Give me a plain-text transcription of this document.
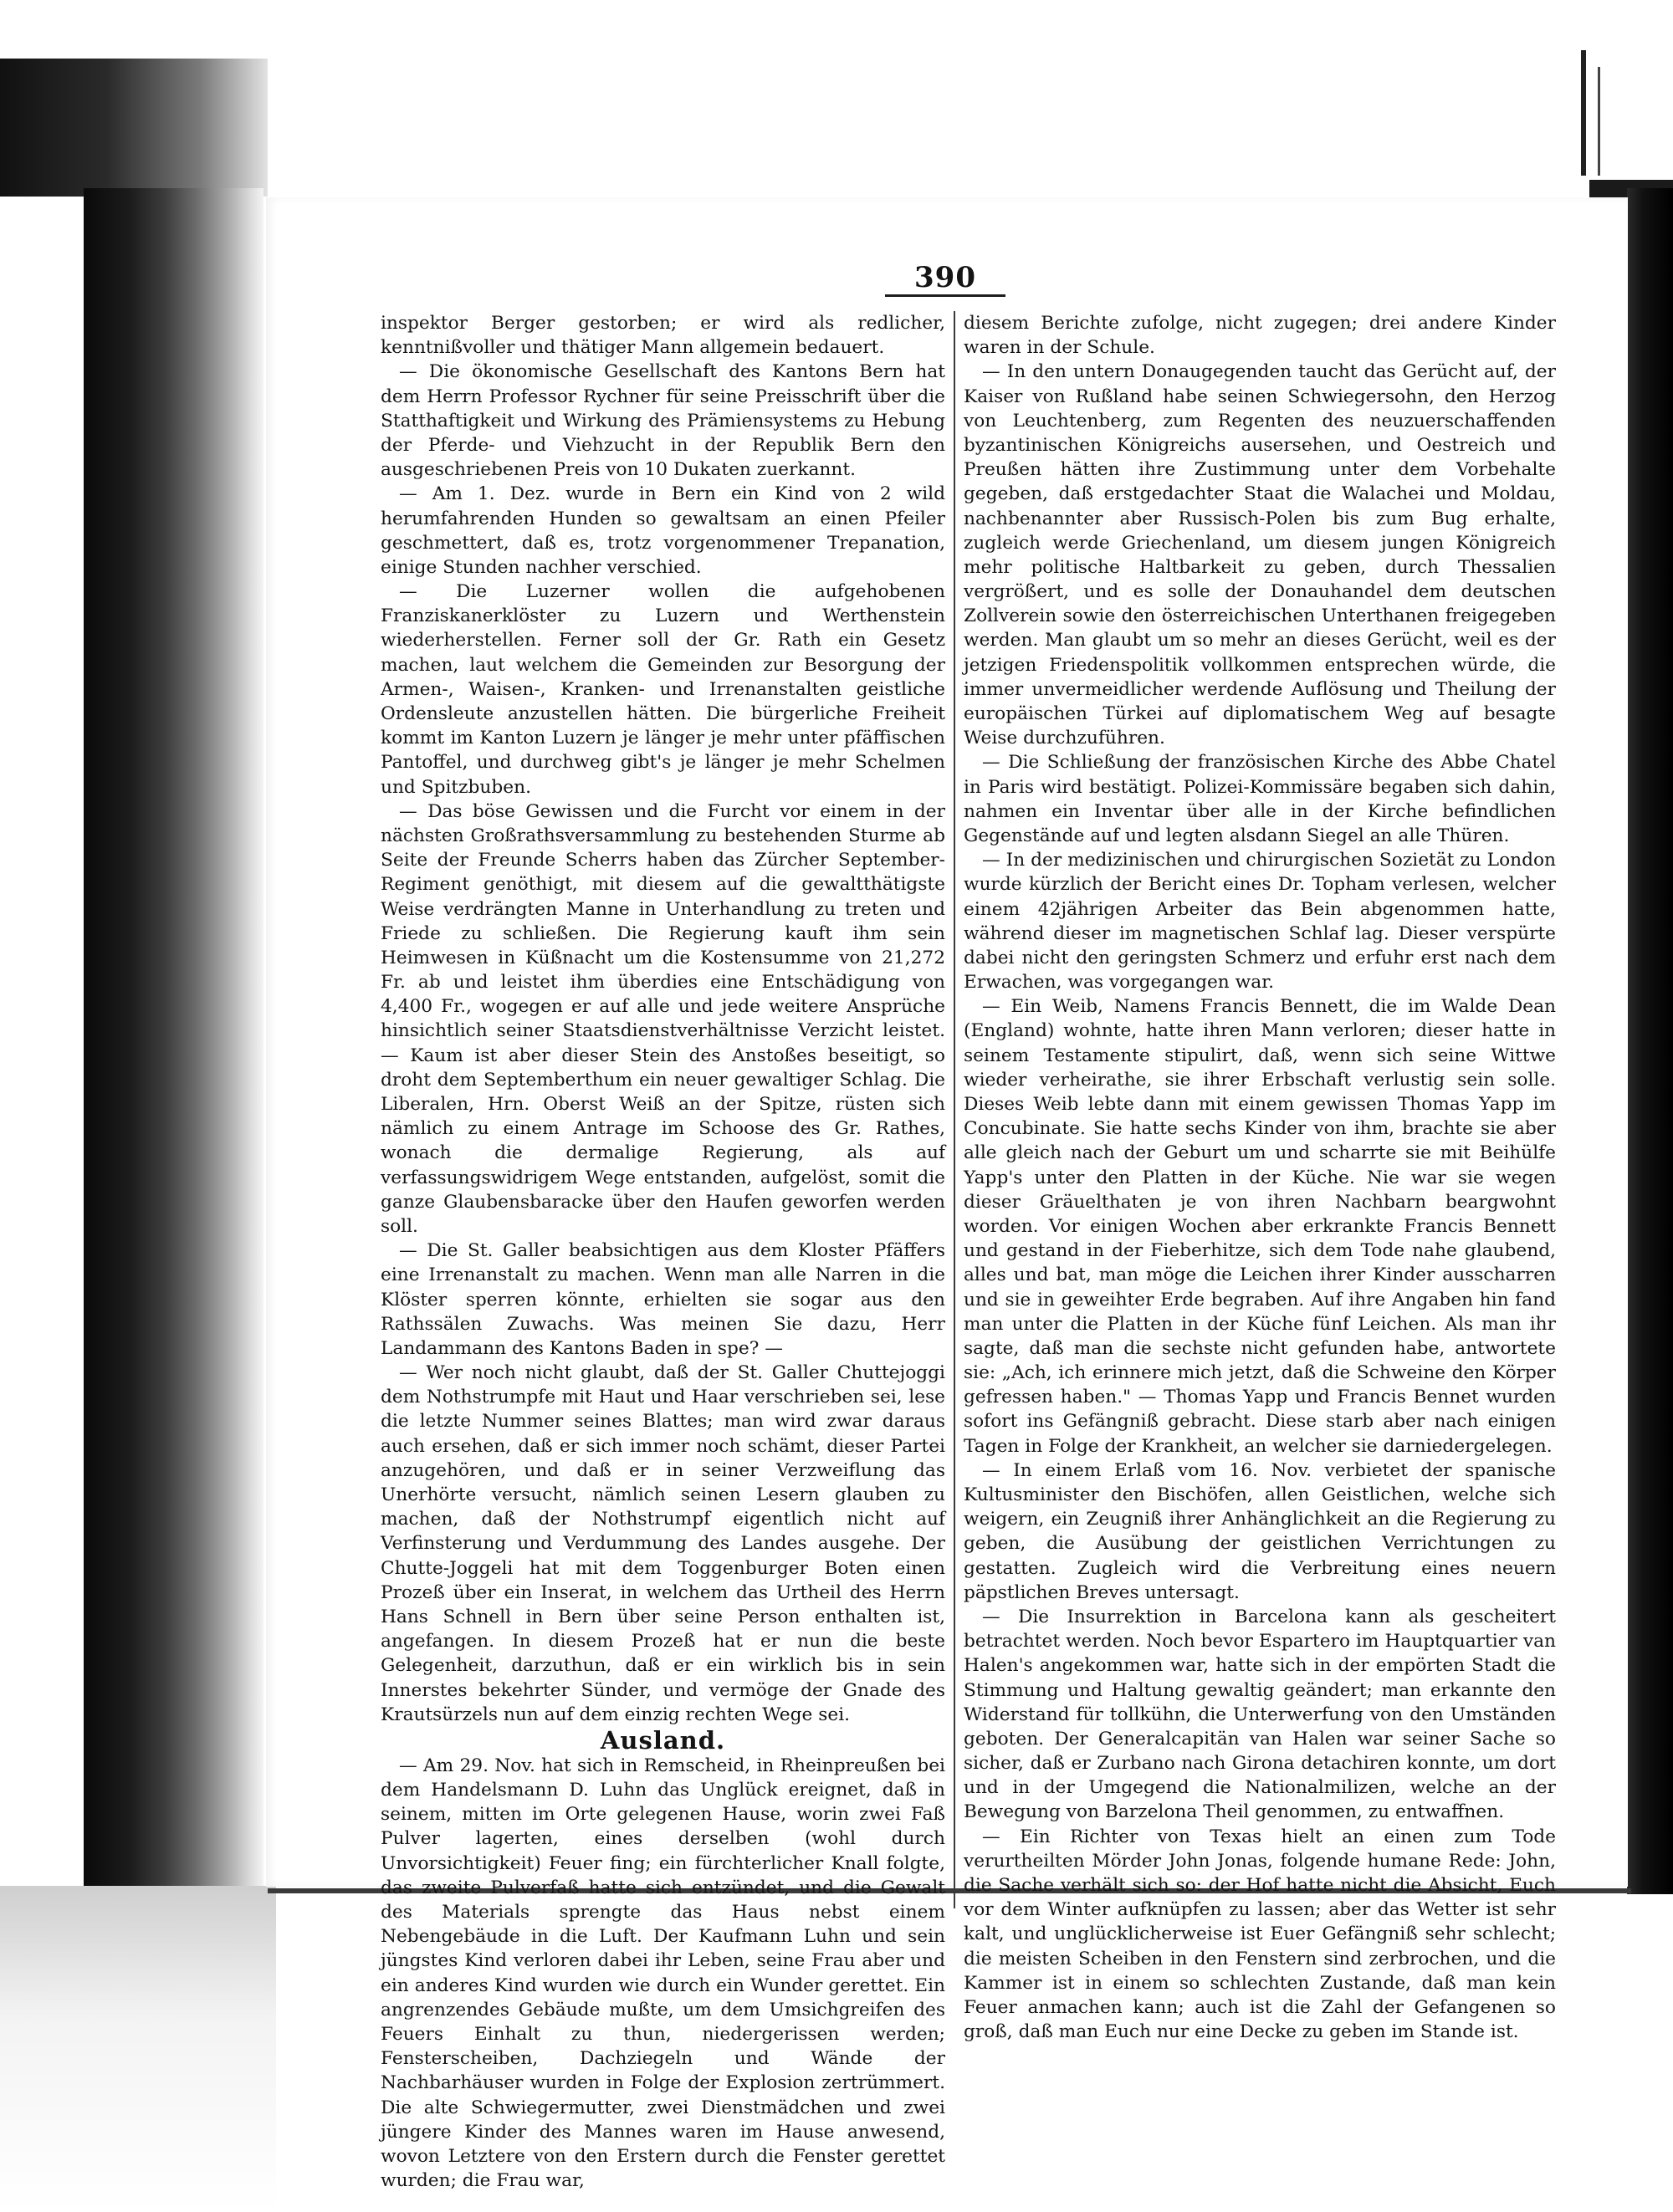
390

inspektor Berger gestorben; er wird als redlicher, kenntnißvoller und thätiger Mann allgemein bedauert.

— Die ökonomische Gesellschaft des Kantons Bern hat dem Herrn Professor Rychner für seine Preisschrift über die Statthaftigkeit und Wirkung des Prämiensystems zu Hebung der Pferde- und Viehzucht in der Republik Bern den ausgeschriebenen Preis von 10 Dukaten zuerkannt.

— Am 1. Dez. wurde in Bern ein Kind von 2 wild herumfahrenden Hunden so gewaltsam an einen Pfeiler geschmettert, daß es, trotz vorgenommener Trepanation, einige Stunden nachher verschied.

— Die Luzerner wollen die aufgehobenen Franziskanerklöster zu Luzern und Werthenstein wiederherstellen. Ferner soll der Gr. Rath ein Gesetz machen, laut welchem die Gemeinden zur Besorgung der Armen-, Waisen-, Kranken- und Irrenanstalten geistliche Ordensleute anzustellen hätten. Die bürgerliche Freiheit kommt im Kanton Luzern je länger je mehr unter pfäffischen Pantoffel, und durchweg gibt's je länger je mehr Schelmen und Spitzbuben.

— Das böse Gewissen und die Furcht vor einem in der nächsten Großrathsversammlung zu bestehenden Sturme ab Seite der Freunde Scherrs haben das Zürcher September-Regiment genöthigt, mit diesem auf die gewaltthätigste Weise verdrängten Manne in Unterhandlung zu treten und Friede zu schließen. Die Regierung kauft ihm sein Heimwesen in Küßnacht um die Kostensumme von 21,272 Fr. ab und leistet ihm überdies eine Entschädigung von 4,400 Fr., wogegen er auf alle und jede weitere Ansprüche hinsichtlich seiner Staatsdienstverhältnisse Verzicht leistet. — Kaum ist aber dieser Stein des Anstoßes beseitigt, so droht dem Septemberthum ein neuer gewaltiger Schlag. Die Liberalen, Hrn. Oberst Weiß an der Spitze, rüsten sich nämlich zu einem Antrage im Schoose des Gr. Rathes, wonach die dermalige Regierung, als auf verfassungswidrigem Wege entstanden, aufgelöst, somit die ganze Glaubensbaracke über den Haufen geworfen werden soll.

— Die St. Galler beabsichtigen aus dem Kloster Pfäffers eine Irrenanstalt zu machen. Wenn man alle Narren in die Klöster sperren könnte, erhielten sie sogar aus den Rathssälen Zuwachs. Was meinen Sie dazu, Herr Landammann des Kantons Baden in spe? —

— Wer noch nicht glaubt, daß der St. Galler Chuttejoggi dem Nothstrumpfe mit Haut und Haar verschrieben sei, lese die letzte Nummer seines Blattes; man wird zwar daraus auch ersehen, daß er sich immer noch schämt, dieser Partei anzugehören, und daß er in seiner Verzweiflung das Unerhörte versucht, nämlich seinen Lesern glauben zu machen, daß der Nothstrumpf eigentlich nicht auf Verfinsterung und Verdummung des Landes ausgehe. Der Chutte-Joggeli hat mit dem Toggenburger Boten einen Prozeß über ein Inserat, in welchem das Urtheil des Herrn Hans Schnell in Bern über seine Person enthalten ist, angefangen. In diesem Prozeß hat er nun die beste Gelegenheit, darzuthun, daß er ein wirklich bis in sein Innerstes bekehrter Sünder, und vermöge der Gnade des Krautsürzels nun auf dem einzig rechten Wege sei.

Ausland.

— Am 29. Nov. hat sich in Remscheid, in Rheinpreußen bei dem Handelsmann D. Luhn das Unglück ereignet, daß in seinem, mitten im Orte gelegenen Hause, worin zwei Faß Pulver lagerten, eines derselben (wohl durch Unvorsichtigkeit) Feuer fing; ein fürchterlicher Knall folgte, das zweite Pulverfaß hatte sich entzündet, und die Gewalt des Materials sprengte das Haus nebst einem Nebengebäude in die Luft. Der Kaufmann Luhn und sein jüngstes Kind verloren dabei ihr Leben, seine Frau aber und ein anderes Kind wurden wie durch ein Wunder gerettet. Ein angrenzendes Gebäude mußte, um dem Umsichgreifen des Feuers Einhalt zu thun, niedergerissen werden; Fensterscheiben, Dachziegeln und Wände der Nachbarhäuser wurden in Folge der Explosion zertrümmert. Die alte Schwiegermutter, zwei Dienstmädchen und zwei jüngere Kinder des Mannes waren im Hause anwesend, wovon Letztere von den Erstern durch die Fenster gerettet wurden; die Frau war,

diesem Berichte zufolge, nicht zugegen; drei andere Kinder waren in der Schule.

— In den untern Donaugegenden taucht das Gerücht auf, der Kaiser von Rußland habe seinen Schwiegersohn, den Herzog von Leuchtenberg, zum Regenten des neuzuerschaffenden byzantinischen Königreichs ausersehen, und Oestreich und Preußen hätten ihre Zustimmung unter dem Vorbehalte gegeben, daß erstgedachter Staat die Walachei und Moldau, nachbenannter aber Russisch-Polen bis zum Bug erhalte, zugleich werde Griechenland, um diesem jungen Königreich mehr politische Haltbarkeit zu geben, durch Thessalien vergrößert, und es solle der Donauhandel dem deutschen Zollverein sowie den österreichischen Unterthanen freigegeben werden. Man glaubt um so mehr an dieses Gerücht, weil es der jetzigen Friedenspolitik vollkommen entsprechen würde, die immer unvermeidlicher werdende Auflösung und Theilung der europäischen Türkei auf diplomatischem Weg auf besagte Weise durchzuführen.

— Die Schließung der französischen Kirche des Abbe Chatel in Paris wird bestätigt. Polizei-Kommissäre begaben sich dahin, nahmen ein Inventar über alle in der Kirche befindlichen Gegenstände auf und legten alsdann Siegel an alle Thüren.

— In der medizinischen und chirurgischen Sozietät zu London wurde kürzlich der Bericht eines Dr. Topham verlesen, welcher einem 42jährigen Arbeiter das Bein abgenommen hatte, während dieser im magnetischen Schlaf lag. Dieser verspürte dabei nicht den geringsten Schmerz und erfuhr erst nach dem Erwachen, was vorgegangen war.

— Ein Weib, Namens Francis Bennett, die im Walde Dean (England) wohnte, hatte ihren Mann verloren; dieser hatte in seinem Testamente stipulirt, daß, wenn sich seine Wittwe wieder verheirathe, sie ihrer Erbschaft verlustig sein solle. Dieses Weib lebte dann mit einem gewissen Thomas Yapp im Concubinate. Sie hatte sechs Kinder von ihm, brachte sie aber alle gleich nach der Geburt um und scharrte sie mit Beihülfe Yapp's unter den Platten in der Küche. Nie war sie wegen dieser Gräuelthaten je von ihren Nachbarn beargwohnt worden. Vor einigen Wochen aber erkrankte Francis Bennett und gestand in der Fieberhitze, sich dem Tode nahe glaubend, alles und bat, man möge die Leichen ihrer Kinder ausscharren und sie in geweihter Erde begraben. Auf ihre Angaben hin fand man unter die Platten in der Küche fünf Leichen. Als man ihr sagte, daß man die sechste nicht gefunden habe, antwortete sie: „Ach, ich erinnere mich jetzt, daß die Schweine den Körper gefressen haben." — Thomas Yapp und Francis Bennet wurden sofort ins Gefängniß gebracht. Diese starb aber nach einigen Tagen in Folge der Krankheit, an welcher sie darniedergelegen.

— In einem Erlaß vom 16. Nov. verbietet der spanische Kultusminister den Bischöfen, allen Geistlichen, welche sich weigern, ein Zeugniß ihrer Anhänglichkeit an die Regierung zu geben, die Ausübung der geistlichen Verrichtungen zu gestatten. Zugleich wird die Verbreitung eines neuern päpstlichen Breves untersagt.

— Die Insurrektion in Barcelona kann als gescheitert betrachtet werden. Noch bevor Espartero im Hauptquartier van Halen's angekommen war, hatte sich in der empörten Stadt die Stimmung und Haltung gewaltig geändert; man erkannte den Widerstand für tollkühn, die Unterwerfung von den Umständen geboten. Der Generalcapitän van Halen war seiner Sache so sicher, daß er Zurbano nach Girona detachiren konnte, um dort und in der Umgegend die Nationalmilizen, welche an der Bewegung von Barzelona Theil genommen, zu entwaffnen.

— Ein Richter von Texas hielt an einen zum Tode verurtheilten Mörder John Jonas, folgende humane Rede: John, die Sache verhält sich so: der Hof hatte nicht die Absicht, Euch vor dem Winter aufknüpfen zu lassen; aber das Wetter ist sehr kalt, und unglücklicherweise ist Euer Gefängniß sehr schlecht; die meisten Scheiben in den Fenstern sind zerbrochen, und die Kammer ist in einem so schlechten Zustande, daß man kein Feuer anmachen kann; auch ist die Zahl der Gefangenen so groß, daß man Euch nur eine Decke zu geben im Stande ist.
